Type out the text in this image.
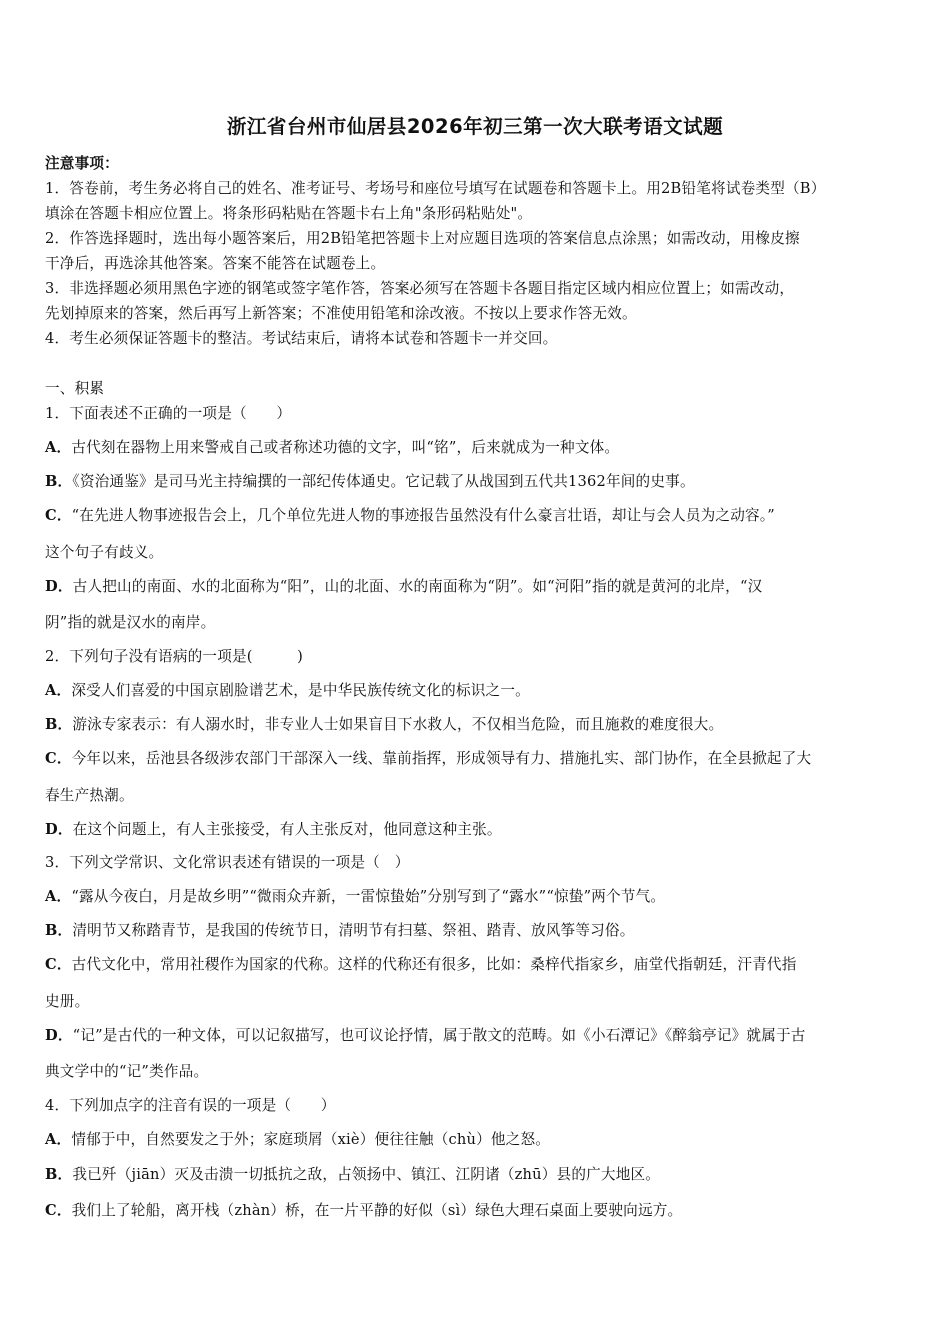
浙江省台州市仙居县2026年初三第一次大联考语文试题
注意事项：
1．答卷前，考生务必将自己的姓名、准考证号、考场号和座位号填写在试题卷和答题卡上。用2B铅笔将试卷类型（B）
填涂在答题卡相应位置上。将条形码粘贴在答题卡右上角"条形码粘贴处"。
2．作答选择题时，选出每小题答案后，用2B铅笔把答题卡上对应题目选项的答案信息点涂黑；如需改动，用橡皮擦
干净后，再选涂其他答案。答案不能答在试题卷上。
3．非选择题必须用黑色字迹的钢笔或签字笔作答，答案必须写在答题卡各题目指定区域内相应位置上；如需改动，
先划掉原来的答案，然后再写上新答案；不准使用铅笔和涂改液。不按以上要求作答无效。
4．考生必须保证答题卡的整洁。考试结束后，请将本试卷和答题卡一并交回。
一、积累
1．下面表述不正确的一项是（　　）
A．古代刻在器物上用来警戒自己或者称述功德的文字，叫“铭”，后来就成为一种文体。
B．《资治通鉴》是司马光主持编撰的一部纪传体通史。它记载了从战国到五代共1362年间的史事。
C．“在先进人物事迹报告会上，几个单位先进人物的事迹报告虽然没有什么豪言壮语，却让与会人员为之动容。”
这个句子有歧义。
D．古人把山的南面、水的北面称为“阳”，山的北面、水的南面称为“阴”。如“河阳”指的就是黄河的北岸，“汉
阴”指的就是汉水的南岸。
2．下列句子没有语病的一项是(　　　)
A．深受人们喜爱的中国京剧脸谱艺术，是中华民族传统文化的标识之一。
B．游泳专家表示：有人溺水时，非专业人士如果盲目下水救人，不仅相当危险，而且施救的难度很大。
C．今年以来，岳池县各级涉农部门干部深入一线、靠前指挥，形成领导有力、措施扎实、部门协作，在全县掀起了大
春生产热潮。
D．在这个问题上，有人主张接受，有人主张反对，他同意这种主张。
3．下列文学常识、文化常识表述有错误的一项是（　）
A．“露从今夜白，月是故乡明”“微雨众卉新，一雷惊蛰始”分别写到了“露水”“惊蛰”两个节气。
B．清明节又称踏青节，是我国的传统节日，清明节有扫墓、祭祖、踏青、放风筝等习俗。
C．古代文化中，常用社稷作为国家的代称。这样的代称还有很多，比如：桑梓代指家乡，庙堂代指朝廷，汗青代指
史册。
D．“记”是古代的一种文体，可以记叙描写，也可议论抒情，属于散文的范畴。如《小石潭记》《醉翁亭记》就属于古
典文学中的“记”类作品。
4．下列加点字的注音有误的一项是（　　）
A．情郁于中，自然要发之于外；家庭琐屑（xiè）便往往触（chù）他之怒。
B．我已歼（jiān）灭及击溃一切抵抗之敌，占领扬中、镇江、江阴诸（zhū）县的广大地区。
C．我们上了轮船，离开栈（zhàn）桥，在一片平静的好似（sì）绿色大理石桌面上要驶向远方。
